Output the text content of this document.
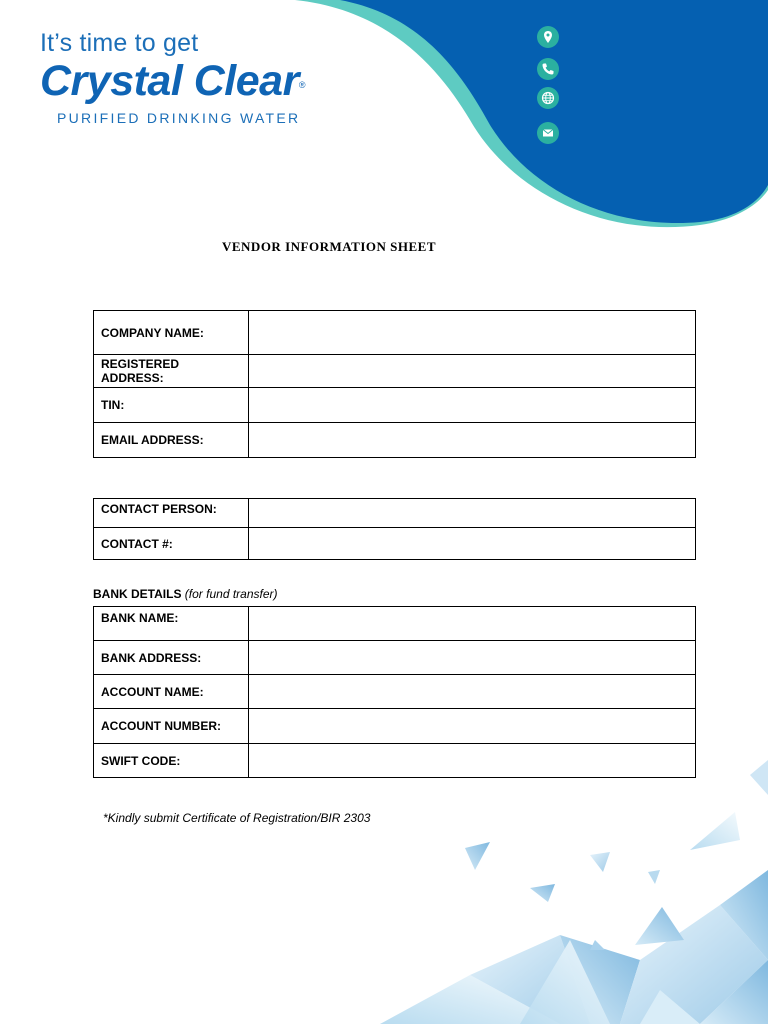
It’s time to get
Crystal Clear®
PURIFIED DRINKING WATER
VENDOR INFORMATION SHEET
COMPANY NAME:	
REGISTERED ADDRESS:	
TIN:	
EMAIL ADDRESS:	
CONTACT PERSON:	
CONTACT #:	
BANK DETAILS (for fund transfer)
BANK NAME:	
BANK ADDRESS:	
ACCOUNT NAME:	
ACCOUNT NUMBER:	
SWIFT CODE:	
*Kindly submit Certificate of Registration/BIR 2303
